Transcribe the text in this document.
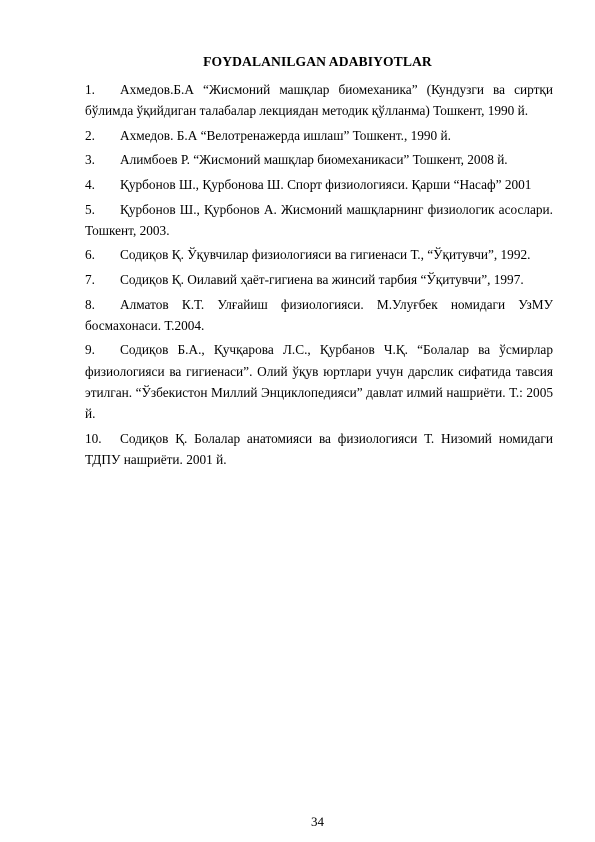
FOYDALANILGAN ADABIYOTLAR

1.	Ахмедов.Б.А “Жисмоний машқлар биомеханика” (Кундузги ва сиртқи бўлимда ўқийдиган талабалар лекциядан методик қўлланма) Тошкент, 1990 й.

2.	Ахмедов. Б.А “Велотренажерда ишлаш” Тошкент., 1990 й.

3.	Алимбоев Р. “Жисмоний машқлар биомеханикаси” Тошкент, 2008 й.

4.	Қурбонов Ш., Қурбонова Ш. Спорт физиологияси. Қарши “Насаф” 2001

5.	Қурбонов Ш., Қурбонов А. Жисмоний машқларнинг физиологик асослари. Тошкент, 2003.

6.	Содиқов Қ. Ўқувчилар физиологияси ва гигиенаси Т., “Ўқитувчи”, 1992.

7.	Содиқов Қ. Оилавий ҳаёт-гигиена ва жинсий тарбия “Ўқитувчи”, 1997.

8.	Алматов К.Т. Улғайиш физиологияси. М.Улуғбек номидаги УзМУ босмахонаси. Т.2004.

9.	Содиқов Б.А., Қучқарова Л.С., Қурбанов Ч.Қ. “Болалар ва ўсмирлар физиологияси ва гигиенаси”. Олий ўқув юртлари учун дарслик сифатида тавсия этилган. “Ўзбекистон Миллий Энциклопедияси” давлат илмий нашриёти. Т.: 2005 й.

10.	Содиқов Қ. Болалар анатомияси ва физиологияси Т. Низомий номидаги ТДПУ нашриёти. 2001 й.

34
